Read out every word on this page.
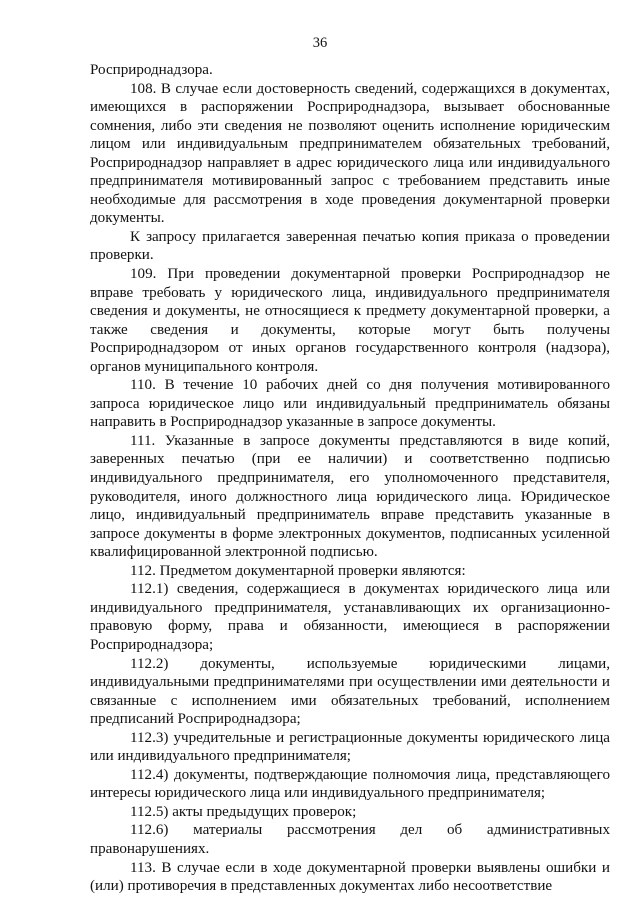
36

Росприроднадзора.

108. В случае если достоверность сведений, содержащихся в документах, имеющихся в распоряжении Росприроднадзора, вызывает обоснованные сомнения, либо эти сведения не позволяют оценить исполнение юридическим лицом или индивидуальным предпринимателем обязательных требований, Росприроднадзор направляет в адрес юридического лица или индивидуального предпринимателя мотивированный запрос с требованием представить иные необходимые для рассмотрения в ходе проведения документарной проверки документы.

К запросу прилагается заверенная печатью копия приказа о проведении проверки.

109. При проведении документарной проверки Росприроднадзор не вправе требовать у юридического лица, индивидуального предпринимателя сведения и документы, не относящиеся к предмету документарной проверки, а также сведения и документы, которые могут быть получены Росприроднадзором от иных органов государственного контроля (надзора), органов муниципального контроля.

110. В течение 10 рабочих дней со дня получения мотивированного запроса юридическое лицо или индивидуальный предприниматель обязаны направить в Росприроднадзор указанные в запросе документы.

111. Указанные в запросе документы представляются в виде копий, заверенных печатью (при ее наличии) и соответственно подписью индивидуального предпринимателя, его уполномоченного представителя, руководителя, иного должностного лица юридического лица. Юридическое лицо, индивидуальный предприниматель вправе представить указанные в запросе документы в форме электронных документов, подписанных усиленной квалифицированной электронной подписью.

112. Предметом документарной проверки являются:

112.1) сведения, содержащиеся в документах юридического лица или индивидуального предпринимателя, устанавливающих их организационно-правовую форму, права и обязанности, имеющиеся в распоряжении Росприроднадзора;

112.2) документы, используемые юридическими лицами, индивидуальными предпринимателями при осуществлении ими деятельности и связанные с исполнением ими обязательных требований, исполнением предписаний Росприроднадзора;

112.3) учредительные и регистрационные документы юридического лица или индивидуального предпринимателя;

112.4) документы, подтверждающие полномочия лица, представляющего интересы юридического лица или индивидуального предпринимателя;

112.5) акты предыдущих проверок;

112.6) материалы рассмотрения дел об административных правонарушениях.

113. В случае если в ходе документарной проверки выявлены ошибки и (или) противоречия в представленных документах либо несоответствие
